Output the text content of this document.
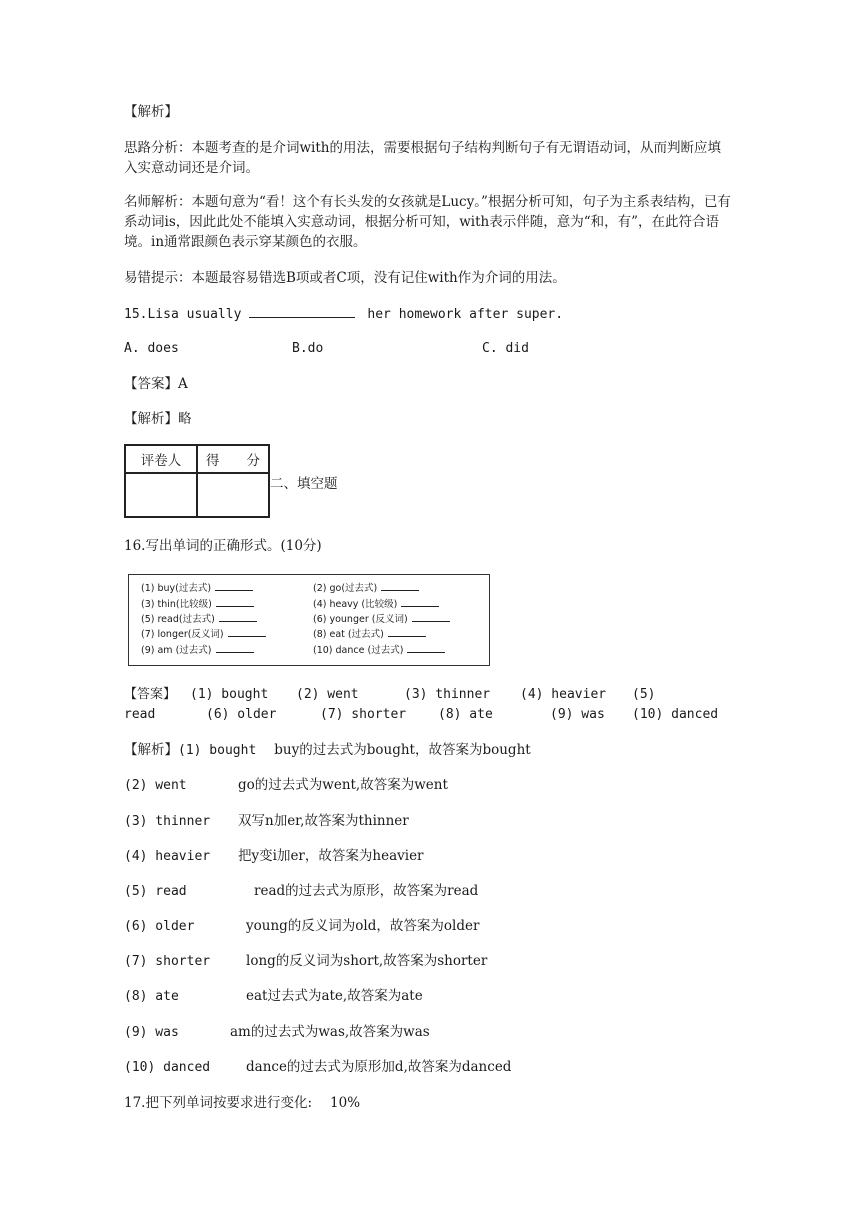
【解析】
思路分析：本题考查的是介词with的用法，需要根据句子结构判断句子有无谓语动词，从而判断应填入实意动词还是介词。
名师解析：本题句意为“看！这个有长头发的女孩就是Lucy。”根据分析可知，句子为主系表结构，已有系动词is，因此此处不能填入实意动词，根据分析可知，with表示伴随，意为“和，有”，在此符合语境。in通常跟颜色表示穿某颜色的衣服。
易错提示：本题最容易错选B项或者C项，没有记住with作为介词的用法。
15.Lisa usually	her homework after super.
A. does	B.do	C. did
【答案】A
【解析】略
评卷人	得　　分

二、填空题
16.写出单词的正确形式。(10分)
(1) buy(过去式)	(2) go(过去式)
(3) thin(比较级)	(4) heavy (比较级)
(5) read(过去式)	(6) younger (反义词)
(7) longer(反义词)	(8) eat (过去式)
(9) am (过去式)	(10) dance (过去式)
【答案】 (1) bought (2) went	(3) thinner (4) heavier (5)
read	(6) older	(7) shorter (8) ate	(9) was (10) danced
【解析】(1) bought buy的过去式为bought，故答案为bought
(2) went	go的过去式为went,故答案为went
(3) thinner 双写n加er,故答案为thinner
(4) heavier 把y变i加er，故答案为heavier
(5) read	read的过去式为原形，故答案为read
(6) older	young的反义词为old，故答案为older
(7) shorter	long的反义词为short,故答案为shorter
(8) ate	eat过去式为ate,故答案为ate
(9) was	am的过去式为was,故答案为was
(10) danced	dance的过去式为原形加d,故答案为danced
17.把下列单词按要求进行变化: 10%
